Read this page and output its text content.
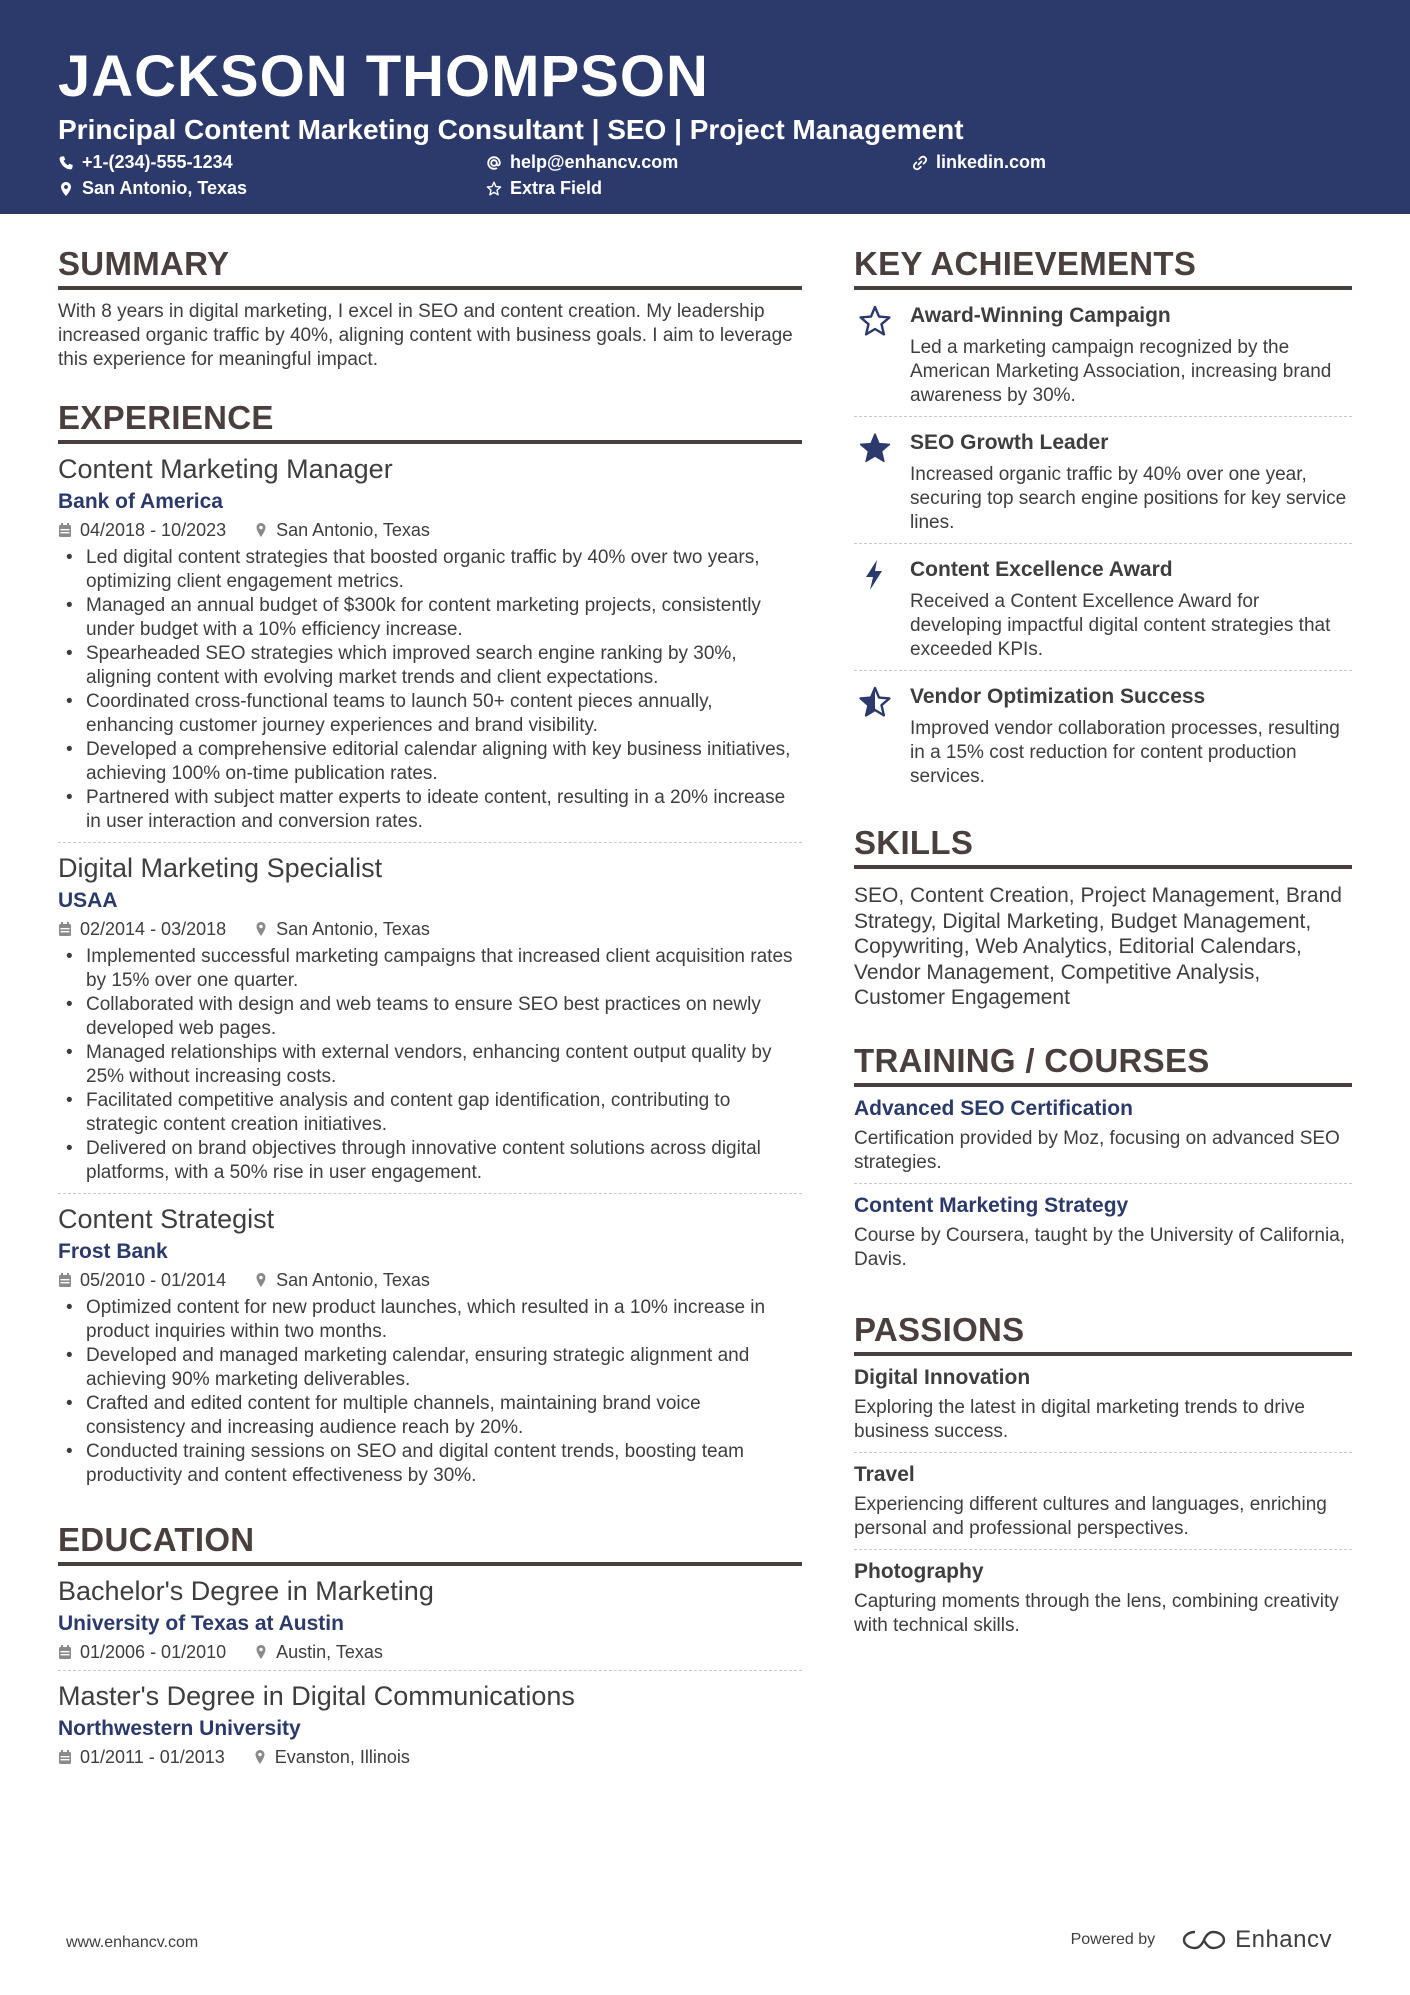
JACKSON THOMPSON
Principal Content Marketing Consultant | SEO | Project Management
+1-(234)-555-1234	help@enhancv.com	linkedin.com
San Antonio, Texas	Extra Field
SUMMARY
With 8 years in digital marketing, I excel in SEO and content creation. My leadership increased organic traffic by 40%, aligning content with business goals. I aim to leverage this experience for meaningful impact.
EXPERIENCE
Content Marketing Manager
Bank of America
04/2018 - 10/2023	San Antonio, Texas
• Led digital content strategies that boosted organic traffic by 40% over two years, optimizing client engagement metrics.
• Managed an annual budget of $300k for content marketing projects, consistently under budget with a 10% efficiency increase.
• Spearheaded SEO strategies which improved search engine ranking by 30%, aligning content with evolving market trends and client expectations.
• Coordinated cross-functional teams to launch 50+ content pieces annually, enhancing customer journey experiences and brand visibility.
• Developed a comprehensive editorial calendar aligning with key business initiatives, achieving 100% on-time publication rates.
• Partnered with subject matter experts to ideate content, resulting in a 20% increase in user interaction and conversion rates.
Digital Marketing Specialist
USAA
02/2014 - 03/2018	San Antonio, Texas
• Implemented successful marketing campaigns that increased client acquisition rates by 15% over one quarter.
• Collaborated with design and web teams to ensure SEO best practices on newly developed web pages.
• Managed relationships with external vendors, enhancing content output quality by 25% without increasing costs.
• Facilitated competitive analysis and content gap identification, contributing to strategic content creation initiatives.
• Delivered on brand objectives through innovative content solutions across digital platforms, with a 50% rise in user engagement.
Content Strategist
Frost Bank
05/2010 - 01/2014	San Antonio, Texas
• Optimized content for new product launches, which resulted in a 10% increase in product inquiries within two months.
• Developed and managed marketing calendar, ensuring strategic alignment and achieving 90% marketing deliverables.
• Crafted and edited content for multiple channels, maintaining brand voice consistency and increasing audience reach by 20%.
• Conducted training sessions on SEO and digital content trends, boosting team productivity and content effectiveness by 30%.
EDUCATION
Bachelor's Degree in Marketing
University of Texas at Austin
01/2006 - 01/2010	Austin, Texas
Master's Degree in Digital Communications
Northwestern University
01/2011 - 01/2013	Evanston, Illinois
KEY ACHIEVEMENTS
Award-Winning Campaign
Led a marketing campaign recognized by the American Marketing Association, increasing brand awareness by 30%.
SEO Growth Leader
Increased organic traffic by 40% over one year, securing top search engine positions for key service lines.
Content Excellence Award
Received a Content Excellence Award for developing impactful digital content strategies that exceeded KPIs.
Vendor Optimization Success
Improved vendor collaboration processes, resulting in a 15% cost reduction for content production services.
SKILLS
SEO, Content Creation, Project Management, Brand Strategy, Digital Marketing, Budget Management, Copywriting, Web Analytics, Editorial Calendars, Vendor Management, Competitive Analysis, Customer Engagement
TRAINING / COURSES
Advanced SEO Certification
Certification provided by Moz, focusing on advanced SEO strategies.
Content Marketing Strategy
Course by Coursera, taught by the University of California, Davis.
PASSIONS
Digital Innovation
Exploring the latest in digital marketing trends to drive business success.
Travel
Experiencing different cultures and languages, enriching personal and professional perspectives.
Photography
Capturing moments through the lens, combining creativity with technical skills.
www.enhancv.com	Powered by	Enhancv
